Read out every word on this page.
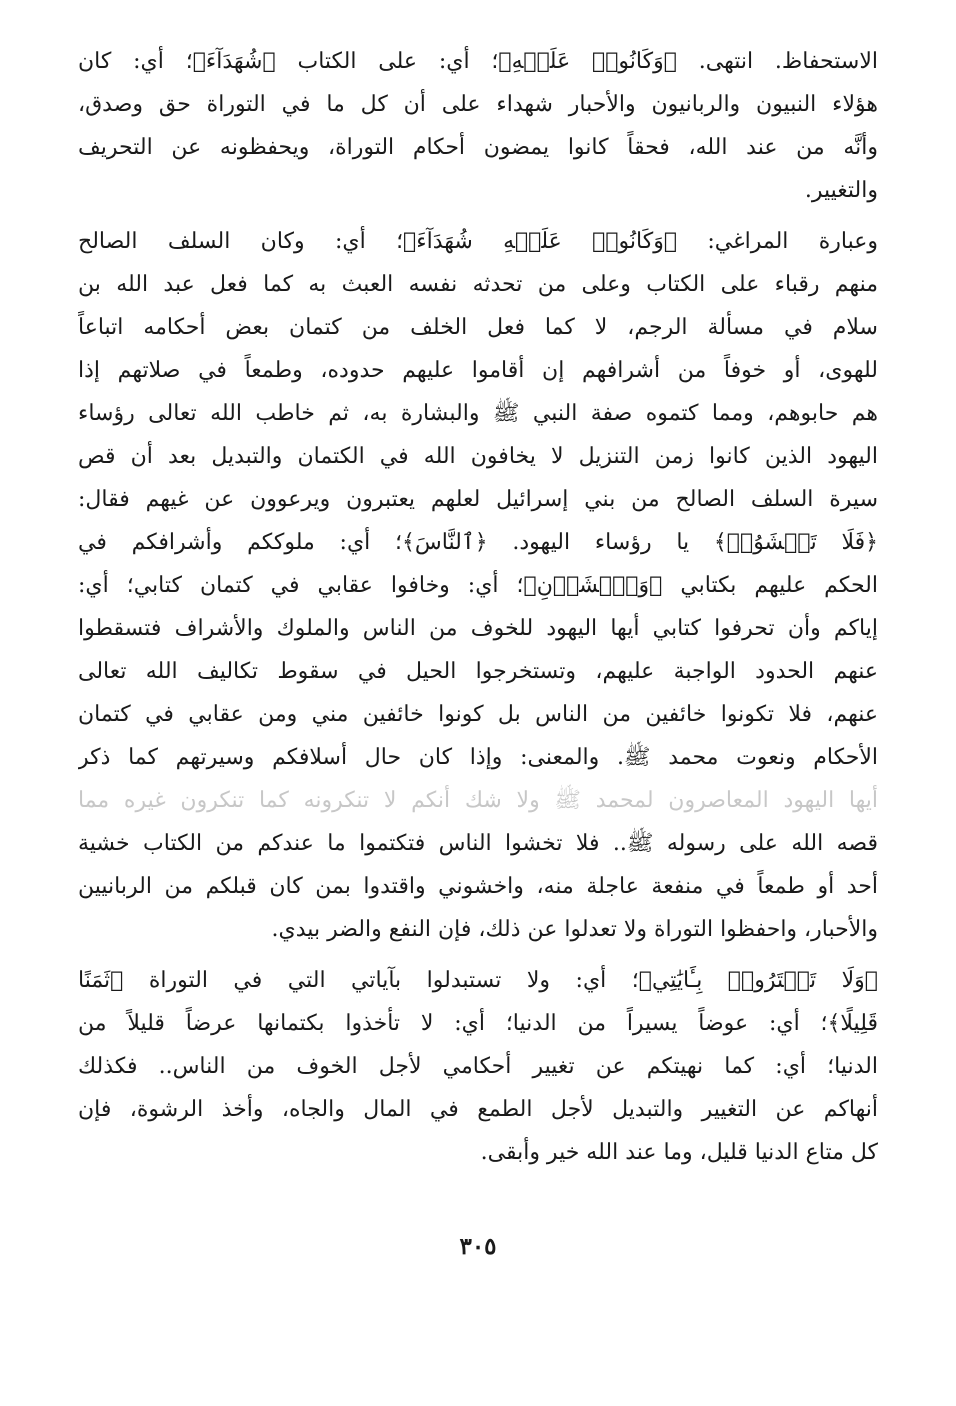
الاستحفاظ. انتهى. ﴿وَكَانُوا۟ عَلَيۡهِ﴾؛ أي: على الكتاب ﴿شُهَدَآءَ﴾؛ أي: كان
هؤلاء النبيون والربانيون والأحبار شهداء على أن كل ما في التوراة حق وصدق،
وأنَّه من عند الله، فحقاً كانوا يمضون أحكام التوراة، ويحفظونه عن التحريف
والتغيير.
وعبارة المراغي: ﴿وَكَانُوا۟ عَلَيۡهِ شُهَدَآءَ﴾؛ أي: وكان السلف الصالح
منهم رقباء على الكتاب وعلى من تحدثه نفسه العبث به كما فعل عبد الله بن
سلام في مسألة الرجم، لا كما فعل الخلف من كتمان بعض أحكامه اتباعاً
للهوى، أو خوفاً من أشرافهم إن أقاموا عليهم حدوده، وطمعاً في صلاتهم إذا
هم حابوهم، ومما كتموه صفة النبي ﷺ والبشارة به، ثم خاطب الله تعالى رؤساء
اليهود الذين كانوا زمن التنزيل لا يخافون الله في الكتمان والتبديل بعد أن قص
سيرة السلف الصالح من بني إسرائيل لعلهم يعتبرون ويرعوون عن غيهم فقال:
﴿فَلَا تَخۡشَوُا۟﴾ يا رؤساء اليهود. ﴿ٱلنَّاسَ﴾؛ أي: ملوككم وأشرافكم في
الحكم عليهم بكتابي ﴿وَٱخۡشَوۡنِ﴾؛ أي: وخافوا عقابي في كتمان كتابي؛ أي:
إياكم وأن تحرفوا كتابي أيها اليهود للخوف من الناس والملوك والأشراف فتسقطوا
عنهم الحدود الواجبة عليهم، وتستخرجوا الحيل في سقوط تكاليف الله تعالى
عنهم، فلا تكونوا خائفين من الناس بل كونوا خائفين مني ومن عقابي في كتمان
الأحكام ونعوت محمد ﷺ. والمعنى: وإذا كان حال أسلافكم وسيرتهم كما ذكر
أيها اليهود المعاصرون لمحمد ﷺ ولا شك أنكم لا تنكرونه كما تنكرون غيره مما
قصه الله على رسوله ﷺ.. فلا تخشوا الناس فتكتموا ما عندكم من الكتاب خشية
أحد أو طمعاً في منفعة عاجلة منه، واخشوني واقتدوا بمن كان قبلكم من الربانيين
والأحبار، واحفظوا التوراة ولا تعدلوا عن ذلك، فإن النفع والضر بيدي.
﴿وَلَا تَشۡتَرُوا۟ بِـَٔايَٰتِي﴾؛ أي: ولا تستبدلوا بآياتي التي في التوراة ﴿ثَمَنًا
قَلِيلًا﴾؛ أي: عوضاً يسيراً من الدنيا؛ أي: لا تأخذوا بكتمانها عرضاً قليلاً من
الدنيا؛ أي: كما نهيتكم عن تغيير أحكامي لأجل الخوف من الناس.. فكذلك
أنهاكم عن التغيير والتبديل لأجل الطمع في المال والجاه، وأخذ الرشوة، فإن
كل متاع الدنيا قليل، وما عند الله خير وأبقى.
٣٠٥
